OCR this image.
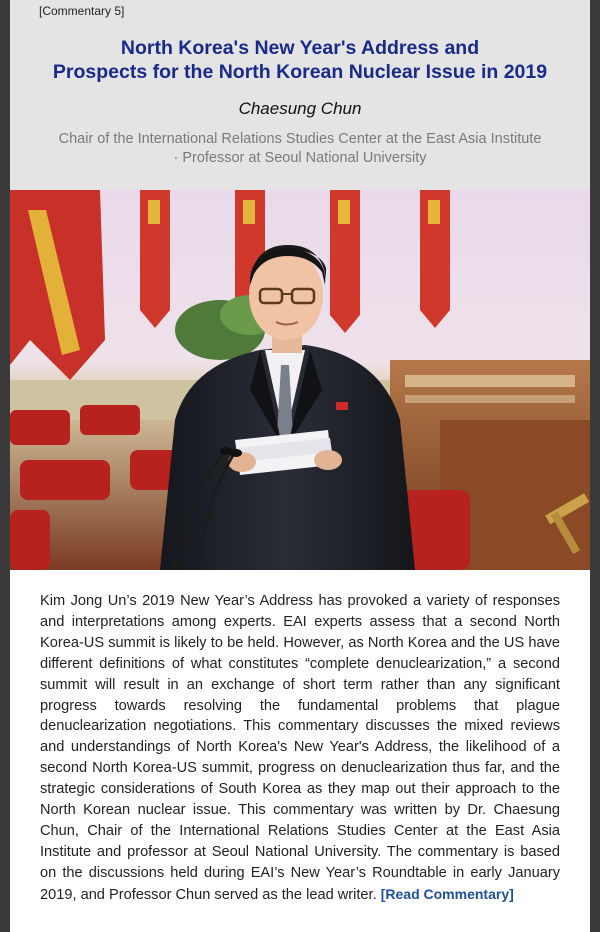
[Commentary 5]
North Korea's New Year's Address and
Prospects for the North Korean Nuclear Issue in 2019
Chaesung Chun
Chair of the International Relations Studies Center at the East Asia Institute
· Professor at Seoul National University
Kim Jong Un’s 2019 New Year’s Address has provoked a variety of responses and interpretations among experts. EAI experts assess that a second North Korea-US summit is likely to be held. However, as North Korea and the US have different definitions of what constitutes “complete denuclearization,” a second summit will result in an exchange of short term rather than any significant progress towards resolving the fundamental problems that plague denuclearization negotiations. This commentary discusses the mixed reviews and understandings of North Korea's New Year's Address, the likelihood of a second North Korea-US summit, progress on denuclearization thus far, and the strategic considerations of South Korea as they map out their approach to the North Korean nuclear issue. This commentary was written by Dr. Chaesung Chun, Chair of the International Relations Studies Center at the East Asia Institute and professor at Seoul National University. The commentary is based on the discussions held during EAI’s New Year’s Roundtable in early January 2019, and Professor Chun served as the lead writer. [Read Commentary]
